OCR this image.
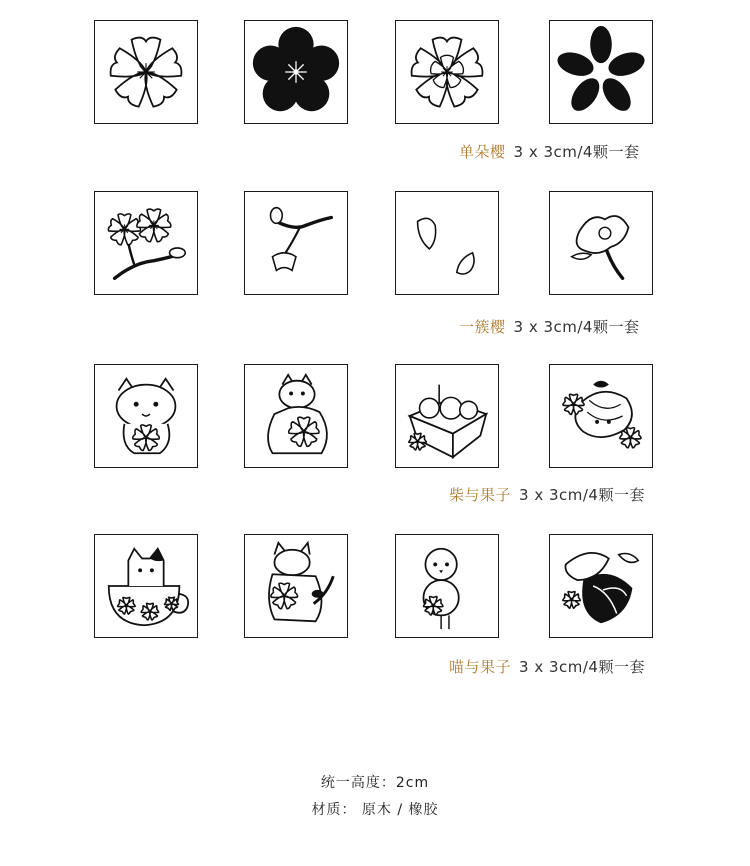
单朵樱 3 x 3cm/4颗一套
一簇樱 3 x 3cm/4颗一套
柴与果子 3 x 3cm/4颗一套
喵与果子 3 x 3cm/4颗一套
统一高度：2cm
材质： 原木 / 橡胶
